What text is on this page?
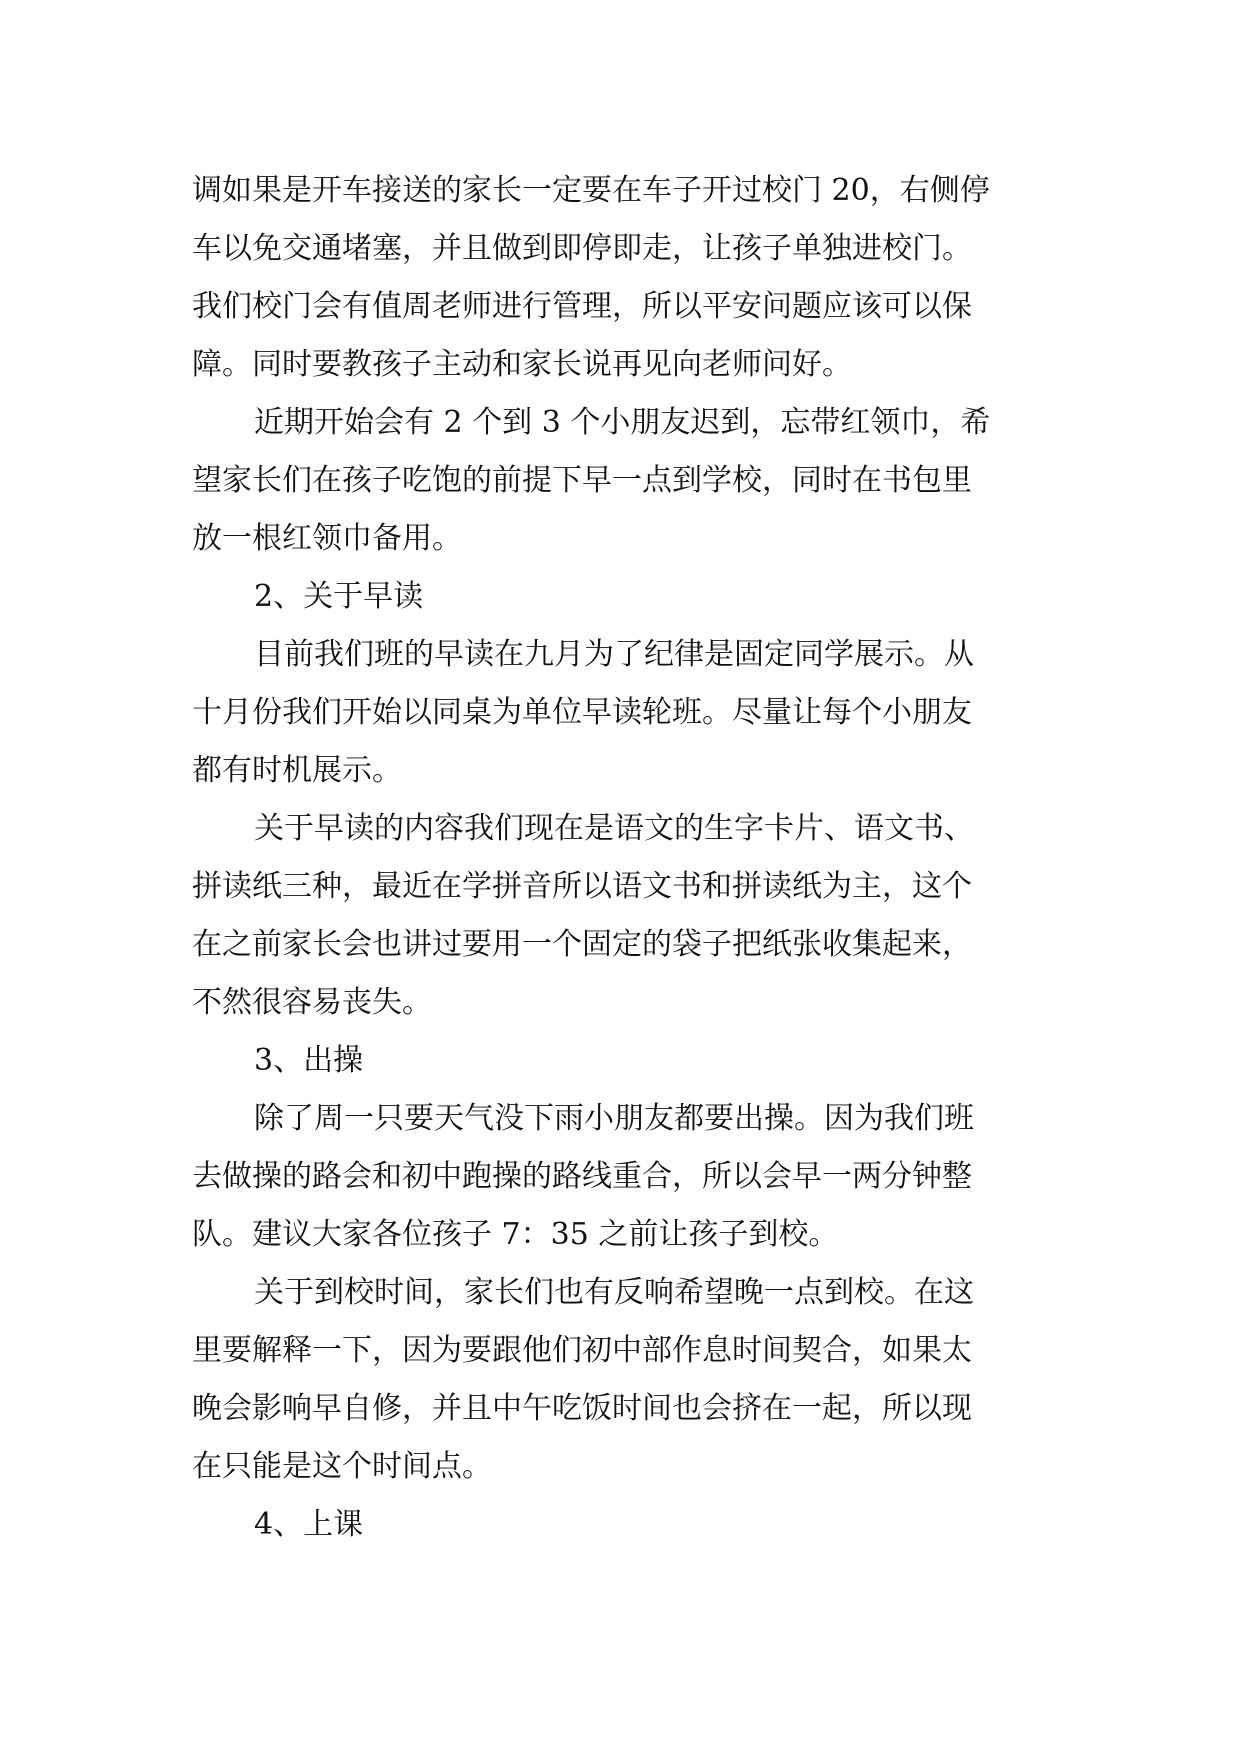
调如果是开车接送的家长一定要在车子开过校门 20，右侧停
车以免交通堵塞，并且做到即停即走，让孩子单独进校门。
我们校门会有值周老师进行管理，所以平安问题应该可以保
障。同时要教孩子主动和家长说再见向老师问好。

近期开始会有 2 个到 3 个小朋友迟到，忘带红领巾，希
望家长们在孩子吃饱的前提下早一点到学校，同时在书包里
放一根红领巾备用。

2、关于早读

目前我们班的早读在九月为了纪律是固定同学展示。从
十月份我们开始以同桌为单位早读轮班。尽量让每个小朋友
都有时机展示。

关于早读的内容我们现在是语文的生字卡片、语文书、
拼读纸三种，最近在学拼音所以语文书和拼读纸为主，这个
在之前家长会也讲过要用一个固定的袋子把纸张收集起来，
不然很容易丧失。

3、出操

除了周一只要天气没下雨小朋友都要出操。因为我们班
去做操的路会和初中跑操的路线重合，所以会早一两分钟整
队。建议大家各位孩子 7：35 之前让孩子到校。

关于到校时间，家长们也有反响希望晚一点到校。在这
里要解释一下，因为要跟他们初中部作息时间契合，如果太
晚会影响早自修，并且中午吃饭时间也会挤在一起，所以现
在只能是这个时间点。

4、上课
